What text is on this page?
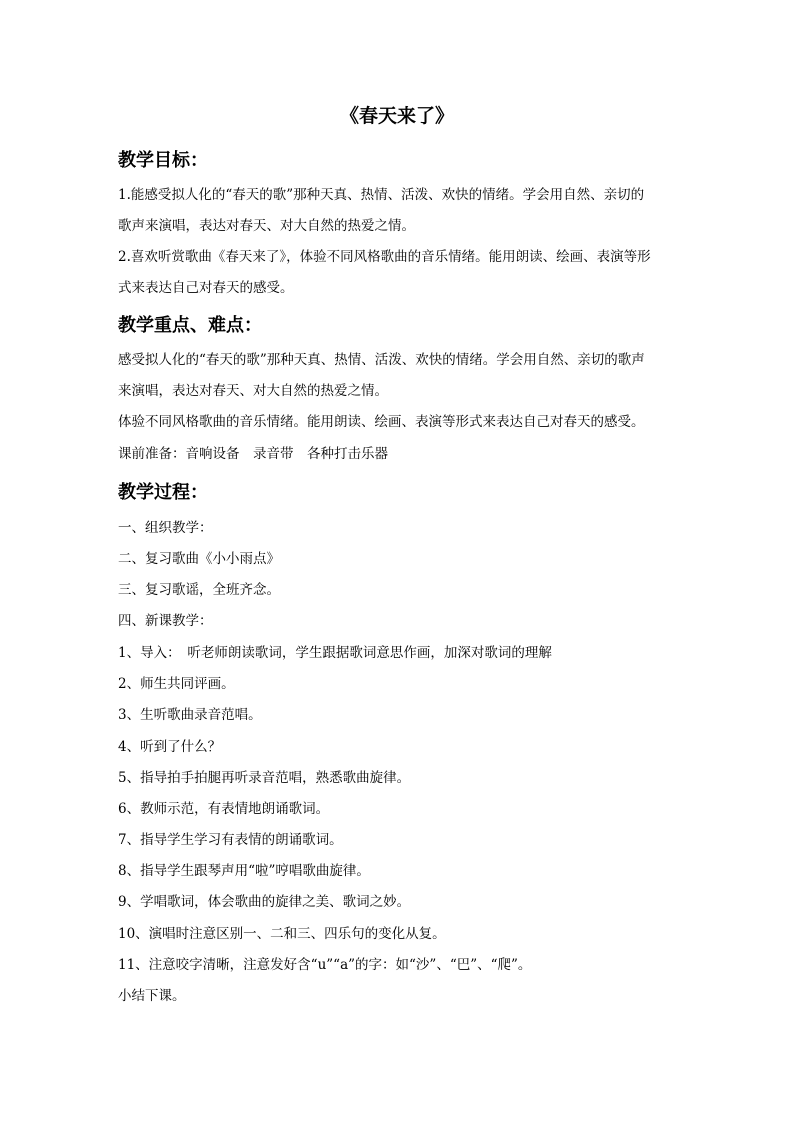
《春天来了》
教学目标：
1.能感受拟人化的“春天的歌”那种天真、热情、活泼、欢快的情绪。学会用自然、亲切的
歌声来演唱，表达对春天、对大自然的热爱之情。
2.喜欢听赏歌曲《春天来了》，体验不同风格歌曲的音乐情绪。能用朗读、绘画、表演等形
式来表达自己对春天的感受。
教学重点、难点：
感受拟人化的“春天的歌”那种天真、热情、活泼、欢快的情绪。学会用自然、亲切的歌声
来演唱，表达对春天、对大自然的热爱之情。
体验不同风格歌曲的音乐情绪。能用朗读、绘画、表演等形式来表达自己对春天的感受。
课前准备：音响设备　录音带　各种打击乐器
教学过程：
一、组织教学：
二、复习歌曲《小小雨点》
三、复习歌谣，全班齐念。
四、新课教学：
1、导入：　听老师朗读歌词，学生跟据歌词意思作画，加深对歌词的理解
2、师生共同评画。
3、生听歌曲录音范唱。
4、听到了什么？
5、指导拍手拍腿再听录音范唱，熟悉歌曲旋律。
6、教师示范，有表情地朗诵歌词。
7、指导学生学习有表情的朗诵歌词。
8、指导学生跟琴声用“啦”哼唱歌曲旋律。
9、学唱歌词，体会歌曲的旋律之美、歌词之妙。
10、演唱时注意区别一、二和三、四乐句的变化从复。
11、注意咬字清晰，注意发好含“u”“a”的字：如“沙”、“巴”、“爬”。
小结下课。
